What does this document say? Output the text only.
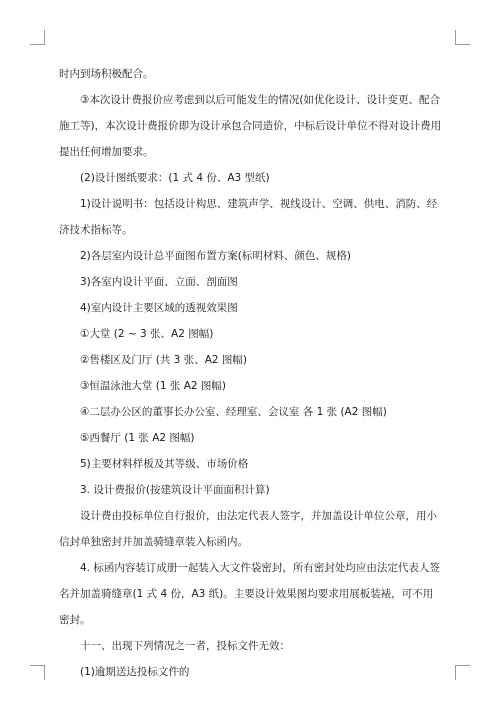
时内到场积极配合。

③本次设计费报价应考虑到以后可能发生的情况(如优化设计、设计变更、配合施工等)，本次设计费报价即为设计承包合同造价，中标后设计单位不得对设计费用提出任何增加要求。

(2)设计图纸要求：(1 式 4 份、A3 型纸)

1)设计说明书：包括设计构思、建筑声学、视线设计、空调、供电、消防、经济技术指标等。

2)各层室内设计总平面图布置方案(标明材料、颜色、规格)

3)各室内设计平面、立面、剖面图

4)室内设计主要区域的透视效果图

①大堂 (2 ~ 3 张、A2 图幅)

②售楼区及门厅 (共 3 张、A2 图幅)

③恒温泳池大堂 (1 张 A2 图幅)

④二层办公区的董事长办公室、经理室、会议室 各 1 张 (A2 图幅)

⑤西餐厅 (1 张 A2 图幅)

5)主要材料样板及其等级、市场价格

3. 设计费报价(按建筑设计平面面积计算)

设计费由投标单位自行报价，由法定代表人签字，并加盖设计单位公章，用小信封单独密封并加盖骑缝章装入标函内。

4. 标函内容装订成册一起装入大文件袋密封，所有密封处均应由法定代表人签名并加盖骑缝章(1 式 4 份，A3 纸)。主要设计效果图均要求用展板装裱，可不用密封。

十一、出现下列情况之一者，投标文件无效：

(1)逾期送达投标文件的
